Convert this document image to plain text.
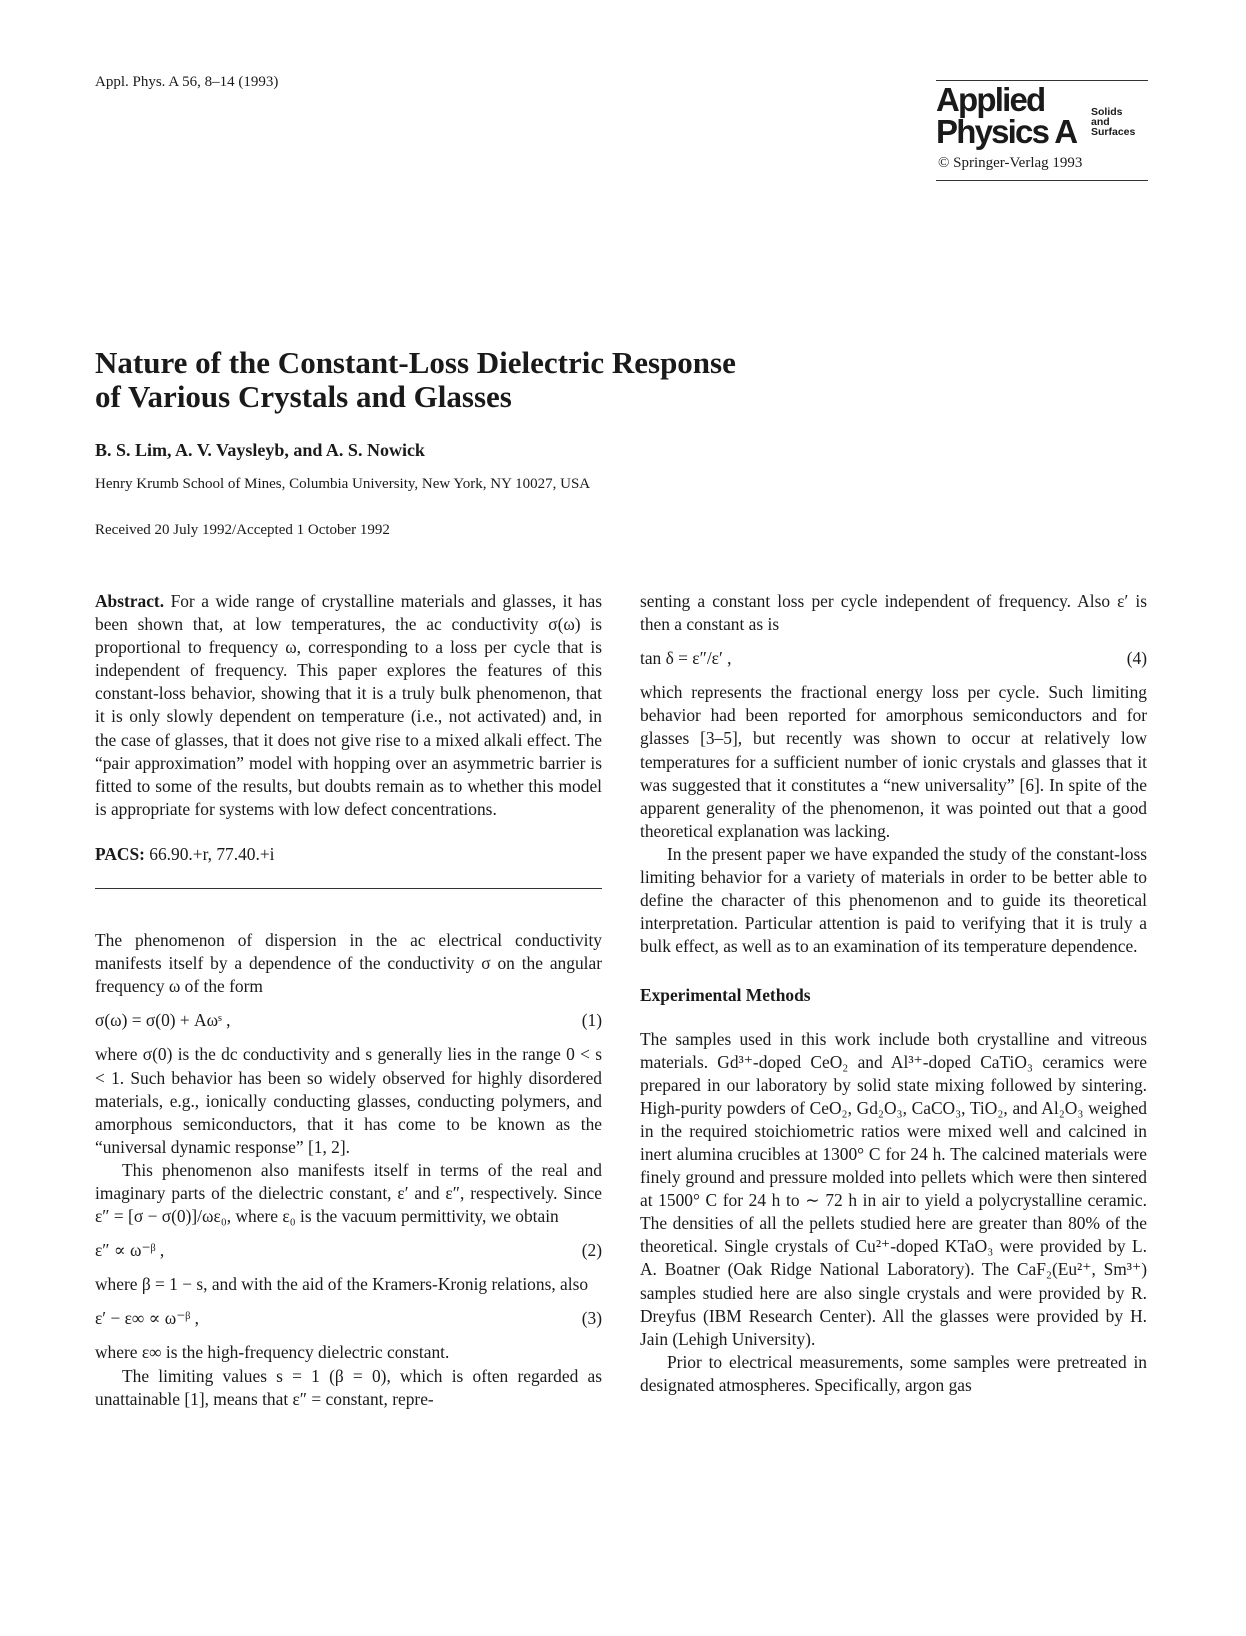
Appl. Phys. A 56, 8–14 (1993)	Applied
Physics A
Solids
and
Surfaces
© Springer-Verlag 1993
Nature of the Constant-Loss Dielectric Response
of Various Crystals and Glasses
B. S. Lim, A. V. Vaysleyb, and A. S. Nowick
Henry Krumb School of Mines, Columbia University, New York, NY 10027, USA
Received 20 July 1992/Accepted 1 October 1992

Abstract. For a wide range of crystalline materials and glasses, it has been shown that, at low temperatures, the ac conductivity σ(ω) is proportional to frequency ω, corresponding to a loss per cycle that is independent of frequency. This paper explores the features of this constant-loss behavior, showing that it is a truly bulk phenomenon, that it is only slowly dependent on temperature (i.e., not activated) and, in the case of glasses, that it does not give rise to a mixed alkali effect. The “pair approximation” model with hopping over an asymmetric barrier is fitted to some of the results, but doubts remain as to whether this model is appropriate for systems with low defect concentrations.

PACS: 66.90.+r, 77.40.+i

The phenomenon of dispersion in the ac electrical conductivity manifests itself by a dependence of the conductivity σ on the angular frequency ω of the form

σ(ω) = σ(0) + Aωˢ ,	(1)

where σ(0) is the dc conductivity and s generally lies in the range 0 < s < 1. Such behavior has been so widely observed for highly disordered materials, e.g., ionically conducting glasses, conducting polymers, and amorphous semiconductors, that it has come to be known as the “universal dynamic response” [1, 2].

This phenomenon also manifests itself in terms of the real and imaginary parts of the dielectric constant, ε′ and ε″, respectively. Since ε″ = [σ − σ(0)]/ωε₀, where ε₀ is the vacuum permittivity, we obtain

ε″ ∝ ω⁻ᵝ ,	(2)

where β = 1 − s, and with the aid of the Kramers-Kronig relations, also

ε′ − ε∞ ∝ ω⁻ᵝ ,	(3)

where ε∞ is the high-frequency dielectric constant.

The limiting values s = 1 (β = 0), which is often regarded as unattainable [1], means that ε″ = constant, repre-

senting a constant loss per cycle independent of frequency. Also ε′ is then a constant as is

tan δ = ε″/ε′ ,	(4)

which represents the fractional energy loss per cycle. Such limiting behavior had been reported for amorphous semiconductors and for glasses [3–5], but recently was shown to occur at relatively low temperatures for a sufficient number of ionic crystals and glasses that it was suggested that it constitutes a “new universality” [6]. In spite of the apparent generality of the phenomenon, it was pointed out that a good theoretical explanation was lacking.

In the present paper we have expanded the study of the constant-loss limiting behavior for a variety of materials in order to be better able to define the character of this phenomenon and to guide its theoretical interpretation. Particular attention is paid to verifying that it is truly a bulk effect, as well as to an examination of its temperature dependence.

Experimental Methods

The samples used in this work include both crystalline and vitreous materials. Gd³⁺-doped CeO₂ and Al³⁺-doped CaTiO₃ ceramics were prepared in our laboratory by solid state mixing followed by sintering. High-purity powders of CeO₂, Gd₂O₃, CaCO₃, TiO₂, and Al₂O₃ weighed in the required stoichiometric ratios were mixed well and calcined in inert alumina crucibles at 1300° C for 24 h. The calcined materials were finely ground and pressure molded into pellets which were then sintered at 1500° C for 24 h to ∼ 72 h in air to yield a polycrystalline ceramic. The densities of all the pellets studied here are greater than 80% of the theoretical. Single crystals of Cu²⁺-doped KTaO₃ were provided by L. A. Boatner (Oak Ridge National Laboratory). The CaF₂(Eu²⁺, Sm³⁺) samples studied here are also single crystals and were provided by R. Dreyfus (IBM Research Center). All the glasses were provided by H. Jain (Lehigh University).

Prior to electrical measurements, some samples were pretreated in designated atmospheres. Specifically, argon gas
